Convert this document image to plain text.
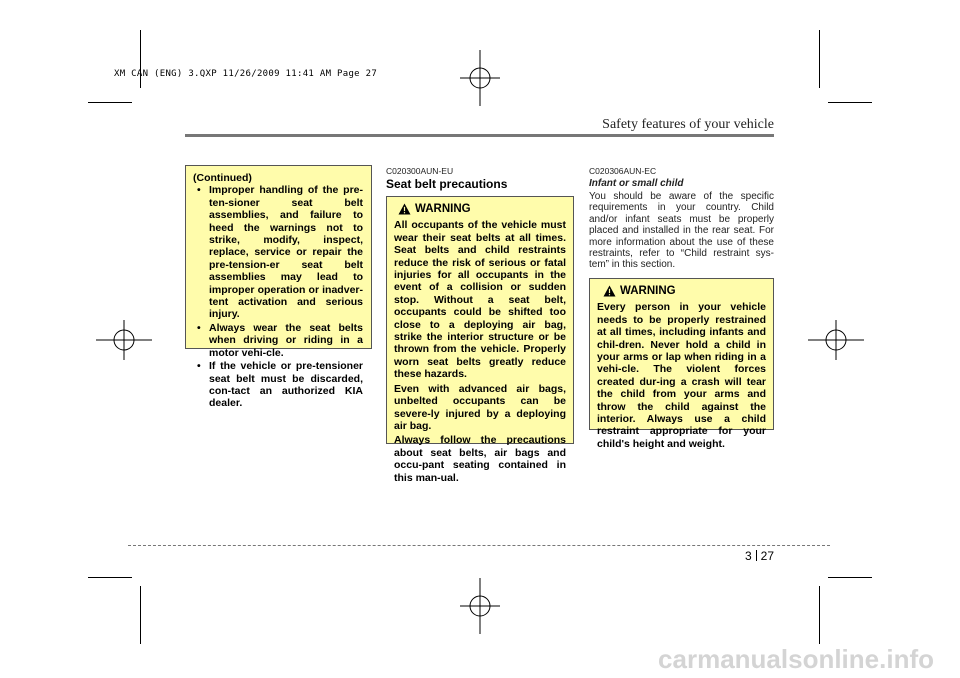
XM CAN (ENG) 3.QXP 11/26/2009 11:41 AM Page 27
Safety features of your vehicle
(Continued)
• Improper handling of the pre-ten-sioner seat belt assemblies, and failure to heed the warnings not to strike, modify, inspect, replace, service or repair the pre-tension-er seat belt assemblies may lead to improper operation or inadver-tent activation and serious injury.
• Always wear the seat belts when driving or riding in a motor vehi-cle.
• If the vehicle or pre-tensioner seat belt must be discarded, con-tact an authorized KIA dealer.
C020300AUN-EU
Seat belt precautions
WARNING

All occupants of the vehicle must wear their seat belts at all times. Seat belts and child restraints reduce the risk of serious or fatal injuries for all occupants in the event of a collision or sudden stop. Without a seat belt, occupants could be shifted too close to a deploying air bag, strike the interior structure or be thrown from the vehicle. Properly worn seat belts greatly reduce these hazards.

Even with advanced air bags, unbelted occupants can be severe-ly injured by a deploying air bag.

Always follow the precautions about seat belts, air bags and occu-pant seating contained in this man-ual.

C020306AUN-EC
Infant or small child
You should be aware of the specific requirements in your country. Child and/or infant seats must be properly placed and installed in the rear seat. For more information about the use of these restraints, refer to “Child restraint sys-tem” in this section.
WARNING

Every person in your vehicle needs to be properly restrained at all times, including infants and chil-dren. Never hold a child in your arms or lap when riding in a vehi-cle. The violent forces created dur-ing a crash will tear the child from your arms and throw the child against the interior. Always use a child restraint appropriate for your child's height and weight.

3 27
carmanualsonline.info
